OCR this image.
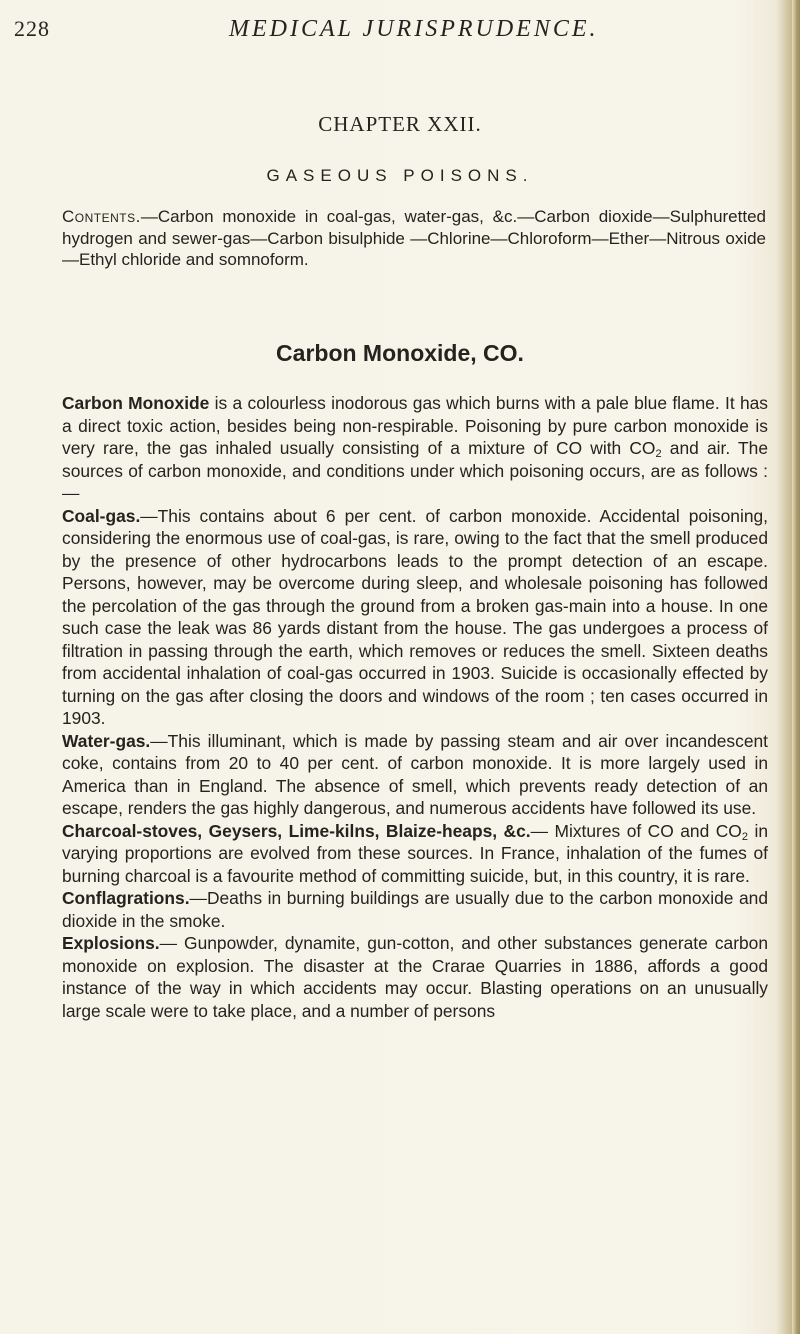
228	MEDICAL JURISPRUDENCE.
CHAPTER XXII.
GASEOUS POISONS.
Contents.—Carbon monoxide in coal-gas, water-gas, &c.—Carbon dioxide—Sulphuretted hydrogen and sewer-gas—Carbon bisulphide —Chlorine—Chloroform—Ether—Nitrous oxide—Ethyl chloride and somnoform.
Carbon Monoxide, CO.

Carbon Monoxide is a colourless inodorous gas which burns with a pale blue flame. It has a direct toxic action, besides being non-respirable. Poisoning by pure carbon monoxide is very rare, the gas inhaled usually consisting of a mixture of CO with $CO_2$ and air. The sources of carbon monoxide, and conditions under which poisoning occurs, are as follows :—

Coal-gas.—This contains about 6 per cent. of carbon monoxide. Accidental poisoning, considering the enormous use of coal-gas, is rare, owing to the fact that the smell produced by the presence of other hydrocarbons leads to the prompt detection of an escape. Persons, however, may be overcome during sleep, and wholesale poisoning has followed the percolation of the gas through the ground from a broken gas-main into a house. In one such case the leak was 86 yards distant from the house. The gas undergoes a process of filtration in passing through the earth, which removes or reduces the smell. Sixteen deaths from accidental inhalation of coal-gas occurred in 1903. Suicide is occasionally effected by turning on the gas after closing the doors and windows of the room ; ten cases occurred in 1903.

Water-gas.—This illuminant, which is made by passing steam and air over incandescent coke, contains from 20 to 40 per cent. of carbon monoxide. It is more largely used in America than in England. The absence of smell, which prevents ready detection of an escape, renders the gas highly dangerous, and numerous accidents have followed its use.

Charcoal-stoves, Geysers, Lime-kilns, Blaize-heaps, &c.— Mixtures of CO and $CO_2$ in varying proportions are evolved from these sources. In France, inhalation of the fumes of burning charcoal is a favourite method of committing suicide, but, in this country, it is rare.

Conflagrations.—Deaths in burning buildings are usually due to the carbon monoxide and dioxide in the smoke.

Explosions.— Gunpowder, dynamite, gun-cotton, and other substances generate carbon monoxide on explosion. The disaster at the Crarae Quarries in 1886, affords a good instance of the way in which accidents may occur. Blasting operations on an unusually large scale were to take place, and a number of persons
